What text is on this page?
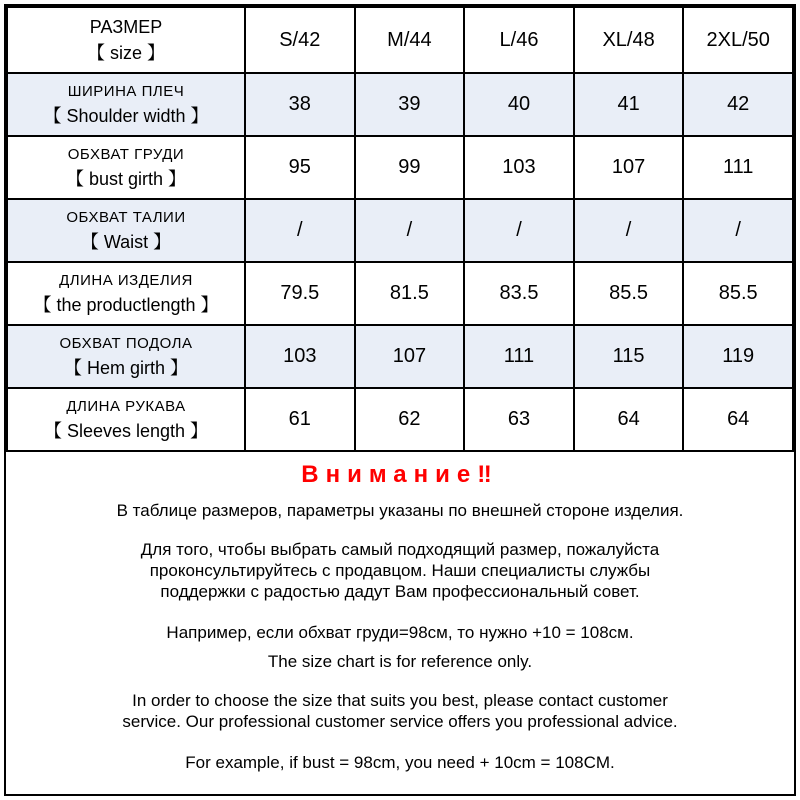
РАЗМЕР
【 size 】	S/42	M/44	L/46	XL/48	2XL/50

ШИРИНА ПЛЕЧ
【 Shoulder width 】	38	39	40	41	42

ОБХВАТ ГРУДИ
【 bust girth 】	95	99	103	107	111

ОБХВАТ ТАЛИИ
【 Waist 】	/	/	/	/	/

ДЛИНА ИЗДЕЛИЯ
【 the productlength 】	79.5	81.5	83.5	85.5	85.5

ОБХВАТ ПОДОЛА
【 Hem girth 】	103	107	111	115	119

ДЛИНА РУКАВА
【 Sleeves length 】	61	62	63	64	64
Внимание‼

В таблице размеров, параметры указаны по внешней стороне изделия.

Для того, чтобы выбрать самый подходящий размер, пожалуйста
проконсультируйтесь с продавцом. Наши специалисты службы
поддержки с радостью дадут Вам профессиональный совет.

Например, если обхват груди=98см, то нужно +10 = 108см.

The size chart is for reference only.

In order to choose the size that suits you best, please contact customer
service. Our professional customer service offers you professional advice.

For example, if bust = 98cm, you need + 10cm = 108CM.
